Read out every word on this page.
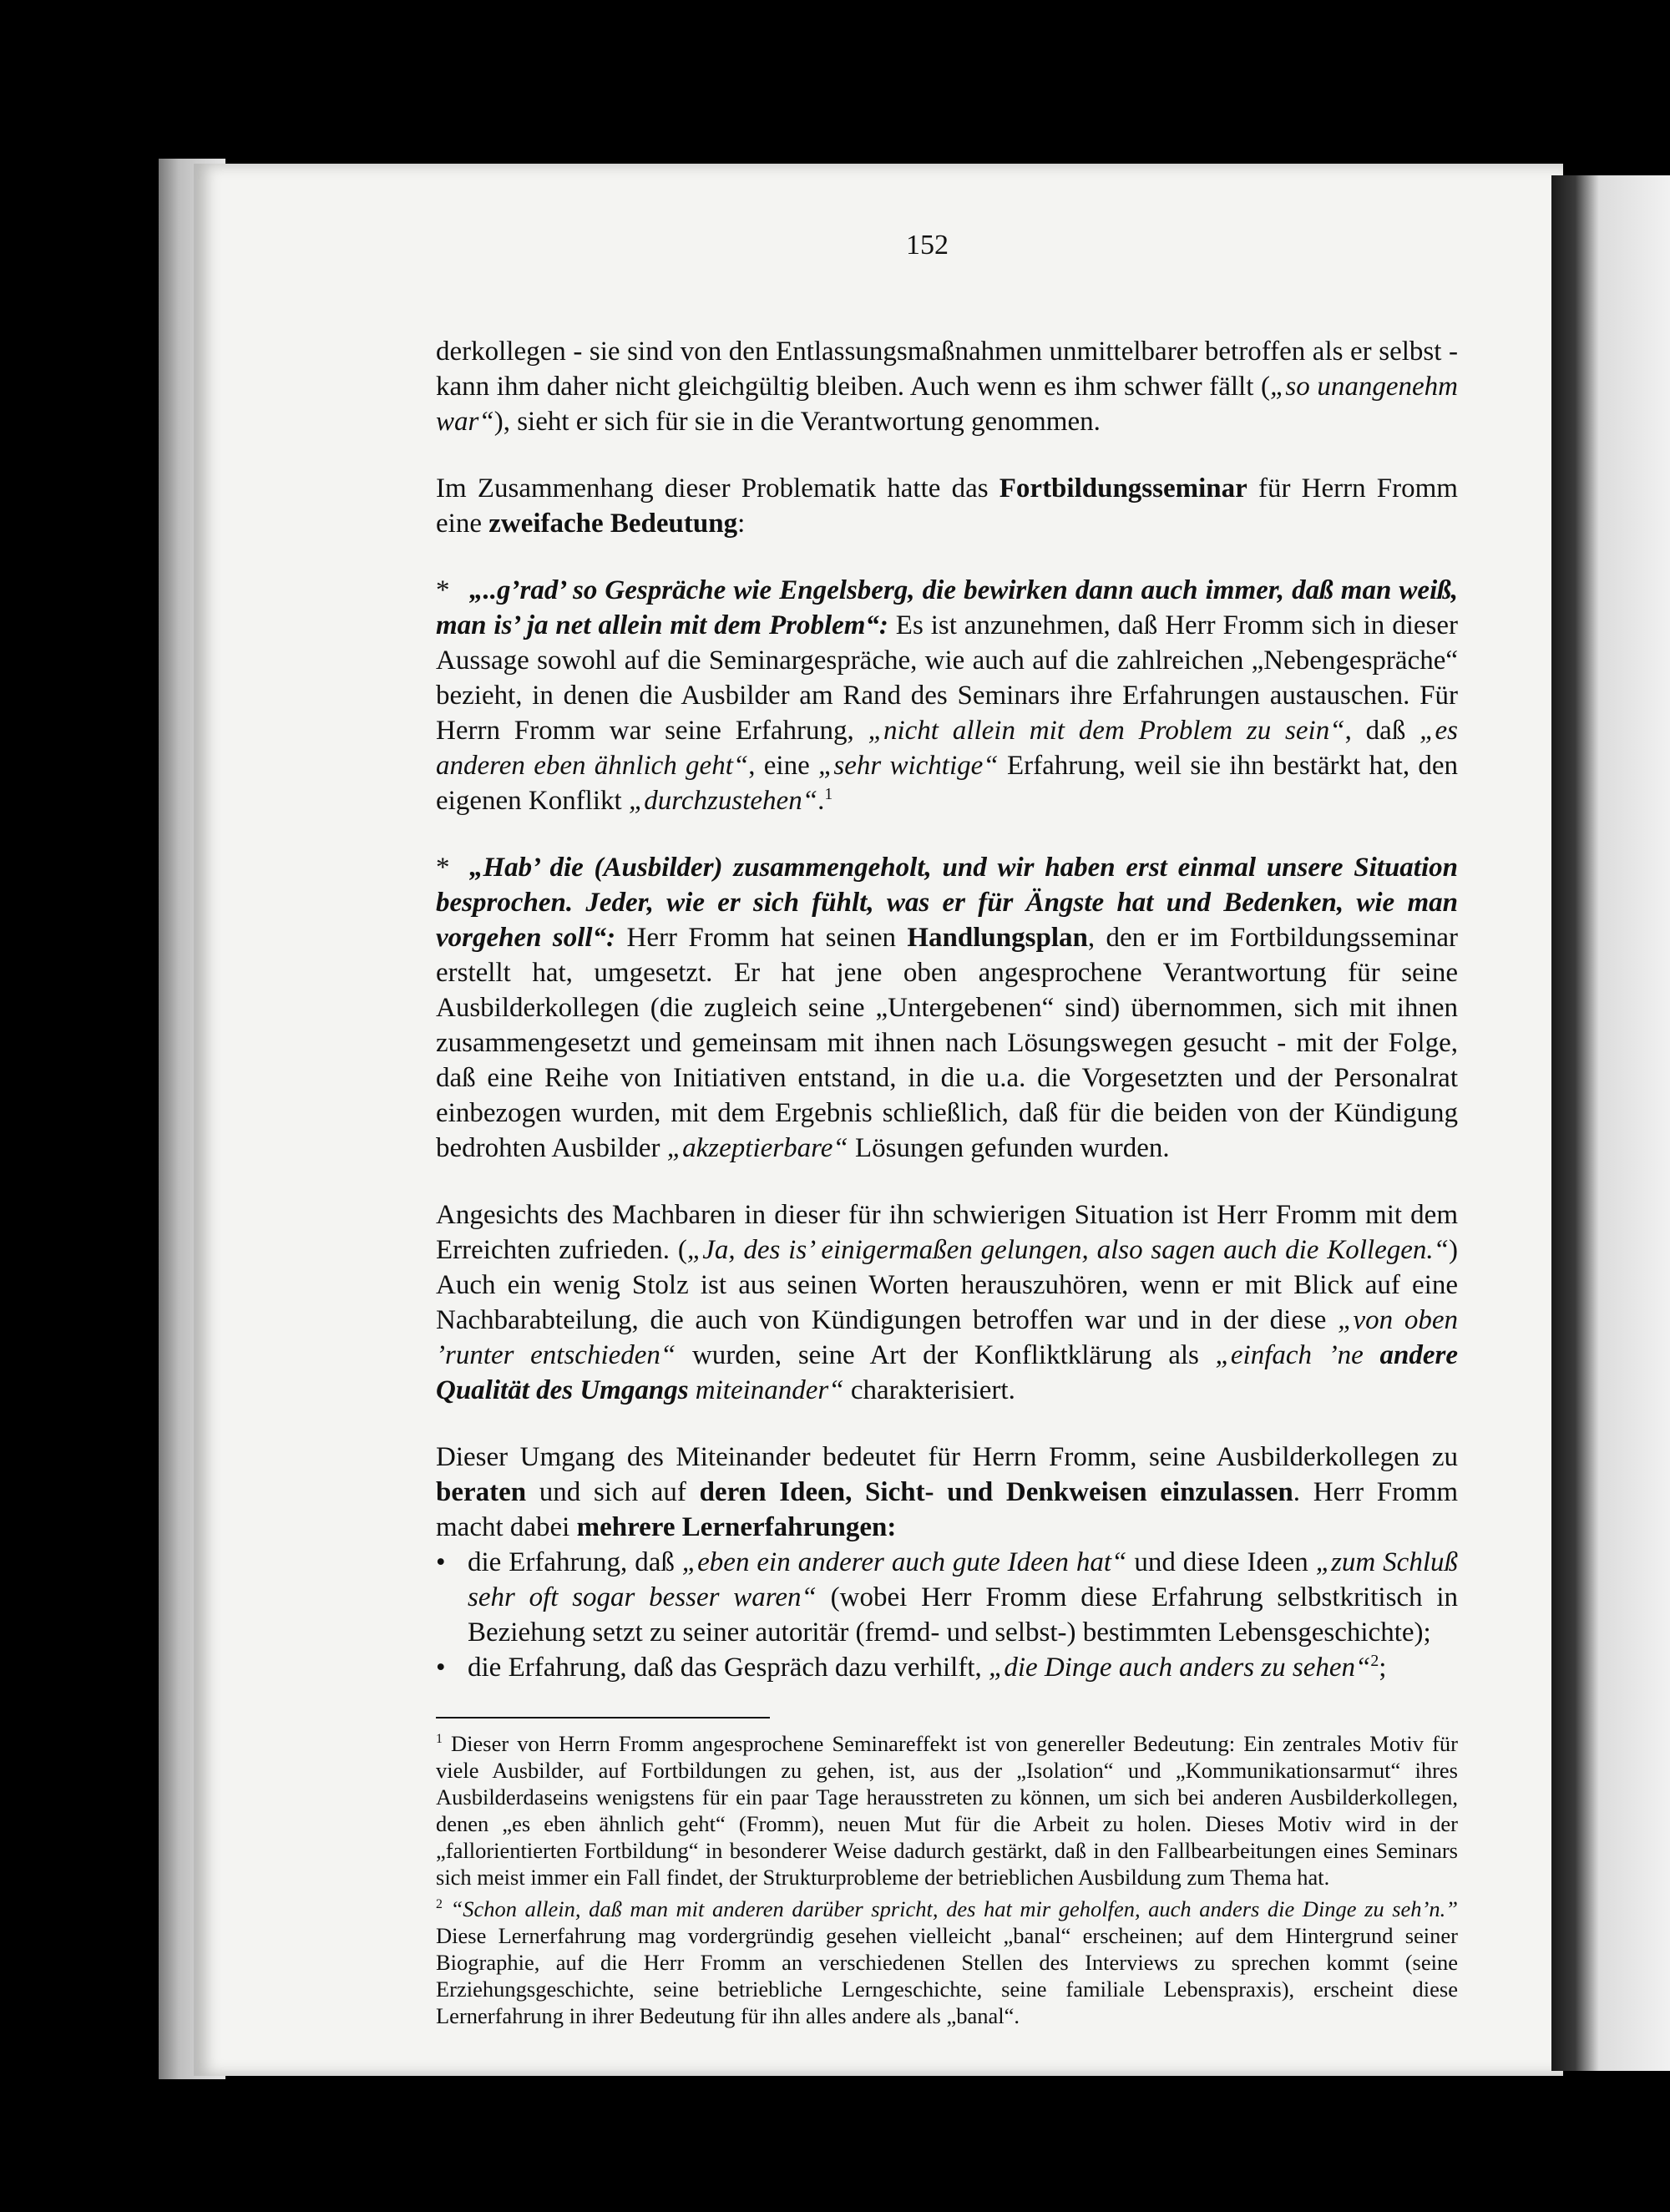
152

derkollegen - sie sind von den Entlassungsmaßnahmen unmittelbarer betroffen als er selbst - kann ihm daher nicht gleichgültig bleiben. Auch wenn es ihm schwer fällt („so unangenehm war“), sieht er sich für sie in die Verantwortung genommen.

Im Zusammenhang dieser Problematik hatte das Fortbildungsseminar für Herrn Fromm eine zweifache Bedeutung:

* „..g’rad’ so Gespräche wie Engelsberg, die bewirken dann auch immer, daß man weiß, man is’ ja net allein mit dem Problem“: Es ist anzunehmen, daß Herr Fromm sich in dieser Aussage sowohl auf die Seminargespräche, wie auch auf die zahlreichen „Nebengespräche“ bezieht, in denen die Ausbilder am Rand des Seminars ihre Erfahrungen austauschen. Für Herrn Fromm war seine Erfahrung, „nicht allein mit dem Problem zu sein“, daß „es anderen eben ähnlich geht“, eine „sehr wichtige“ Erfahrung, weil sie ihn bestärkt hat, den eigenen Konflikt „durchzustehen“.$^1$

* „Hab’ die (Ausbilder) zusammengeholt, und wir haben erst einmal unsere Situation besprochen. Jeder, wie er sich fühlt, was er für Ängste hat und Bedenken, wie man vorgehen soll“: Herr Fromm hat seinen Handlungsplan, den er im Fortbildungsseminar erstellt hat, umgesetzt. Er hat jene oben angesprochene Verantwortung für seine Ausbilderkollegen (die zugleich seine „Untergebenen“ sind) übernommen, sich mit ihnen zusammengesetzt und gemeinsam mit ihnen nach Lösungswegen gesucht - mit der Folge, daß eine Reihe von Initiativen entstand, in die u.a. die Vorgesetzten und der Personalrat einbezogen wurden, mit dem Ergebnis schließlich, daß für die beiden von der Kündigung bedrohten Ausbilder „akzeptierbare“ Lösungen gefunden wurden.

Angesichts des Machbaren in dieser für ihn schwierigen Situation ist Herr Fromm mit dem Erreichten zufrieden. („Ja, des is’ einigermaßen gelungen, also sagen auch die Kollegen.“) Auch ein wenig Stolz ist aus seinen Worten herauszuhören, wenn er mit Blick auf eine Nachbarabteilung, die auch von Kündigungen betroffen war und in der diese „von oben ’runter entschieden“ wurden, seine Art der Konfliktklärung als „einfach ’ne andere Qualität des Umgangs miteinander“ charakterisiert.

Dieser Umgang des Miteinander bedeutet für Herrn Fromm, seine Ausbilderkollegen zu beraten und sich auf deren Ideen, Sicht- und Denkweisen einzulassen. Herr Fromm macht dabei mehrere Lernerfahrungen:

• die Erfahrung, daß „eben ein anderer auch gute Ideen hat“ und diese Ideen „zum Schluß sehr oft sogar besser waren“ (wobei Herr Fromm diese Erfahrung selbstkritisch in Beziehung setzt zu seiner autoritär (fremd- und selbst-) bestimmten Lebensgeschichte);
• die Erfahrung, daß das Gespräch dazu verhilft, „die Dinge auch anders zu sehen“$^2$;

$^1$ Dieser von Herrn Fromm angesprochene Seminareffekt ist von genereller Bedeutung: Ein zentrales Motiv für viele Ausbilder, auf Fortbildungen zu gehen, ist, aus der „Isolation“ und „Kommunikationsarmut“ ihres Ausbilderdaseins wenigstens für ein paar Tage herausstreten zu können, um sich bei anderen Ausbilderkollegen, denen „es eben ähnlich geht“ (Fromm), neuen Mut für die Arbeit zu holen. Dieses Motiv wird in der „fallorientierten Fortbildung“ in besonderer Weise dadurch gestärkt, daß in den Fallbearbeitungen eines Seminars sich meist immer ein Fall findet, der Strukturprobleme der betrieblichen Ausbildung zum Thema hat.

$^2$ “Schon allein, daß man mit anderen darüber spricht, des hat mir geholfen, auch anders die Dinge zu seh’n.” Diese Lernerfahrung mag vordergründig gesehen vielleicht „banal“ erscheinen; auf dem Hintergrund seiner Biographie, auf die Herr Fromm an verschiedenen Stellen des Interviews zu sprechen kommt (seine Erziehungsgeschichte, seine betriebliche Lerngeschichte, seine familiale Lebenspraxis), erscheint diese Lernerfahrung in ihrer Bedeutung für ihn alles andere als „banal“.
